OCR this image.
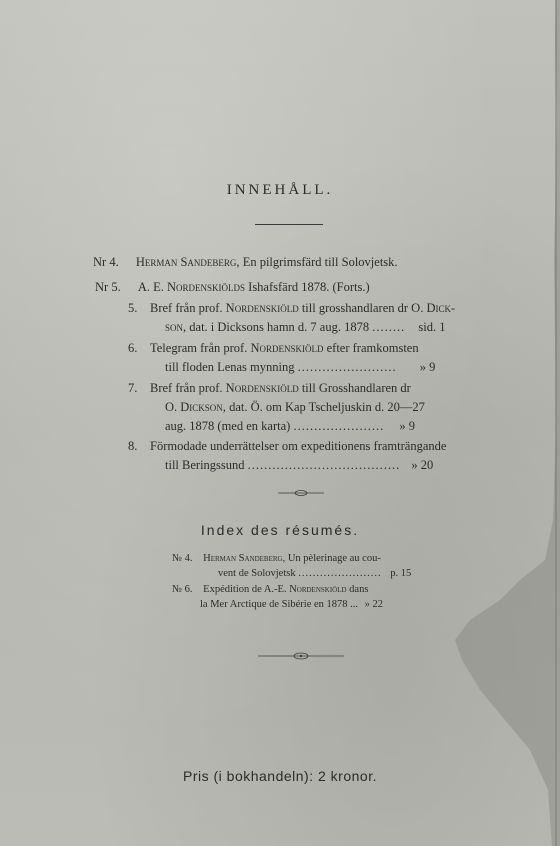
INNEHÅLL.
Nr 4. Herman Sandeberg, En pilgrimsfärd till Solovjetsk.
Nr 5. A. E. Nordenskiölds Ishafsfärd 1878. (Forts.)
5. Bref från prof. Nordenskiöld till grosshandlaren dr O. Dick-
son, dat. i Dicksons hamn d. 7 aug. 1878 ........ sid. 1
6. Telegram från prof. Nordenskiöld efter framkomsten
till floden Lenas mynning ........................ » 9
7. Bref från prof. Nordenskiöld till Grosshandlaren dr
O. Dickson, dat. Ö. om Kap Tscheljuskin d. 20—27
aug. 1878 (med en karta) ...................... » 9
8. Förmodade underrättelser om expeditionens framträngande
till Beringssund ..................................... » 20
Index des résumés.
№ 4. Herman Sandeberg, Un pèlerinage au cou-
vent de Solovjetsk ....................... p. 15
№ 6. Expédition de A.-E. Nordenskiöld dans
la Mer Arctique de Sibérie en 1878 ... » 22
Pris (i bokhandeln): 2 kronor.
